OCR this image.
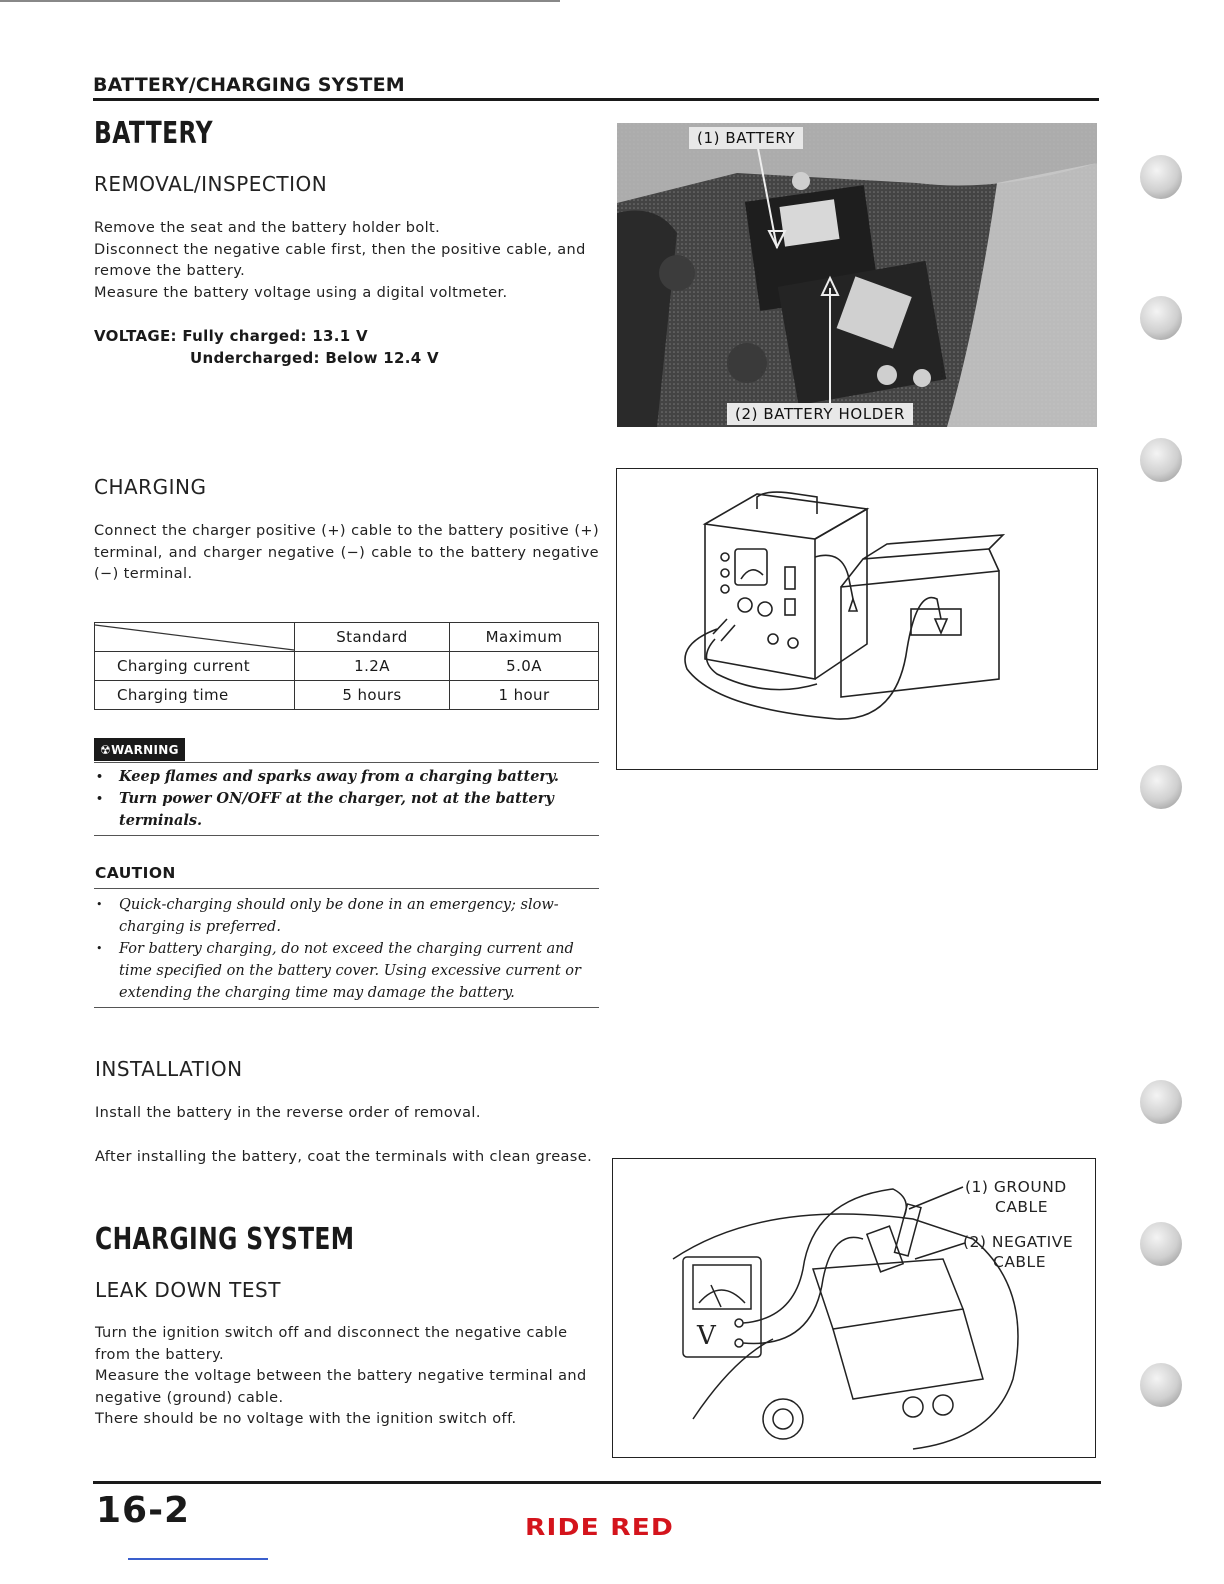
BATTERY/CHARGING SYSTEM
BATTERY
REMOVAL/INSPECTION

Remove the seat and the battery holder bolt.

Disconnect the negative cable first, then the positive cable, and remove the battery.

Measure the battery voltage using a digital voltmeter.

VOLTAGE: Fully charged: 13.1 V
Undercharged: Below 12.4 V
(1) BATTERY
(2) BATTERY HOLDER
CHARGING
Connect the charger positive (+) cable to the battery positive (+) terminal, and charger negative (−) cable to the battery negative (−) terminal.
	Standard	Maximum
Charging current	1.2A	5.0A
Charging time	5 hours	1 hour
☢WARNING
• Keep flames and sparks away from a charging battery.
• Turn power ON/OFF at the charger, not at the battery terminals.
CAUTION
• Quick-charging should only be done in an emergency; slow-charging is preferred.
• For battery charging, do not exceed the charging current and time specified on the battery cover. Using excessive current or extending the charging time may damage the battery.
INSTALLATION
Install the battery in the reverse order of removal.
After installing the battery, coat the terminals with clean grease.
CHARGING SYSTEM
LEAK DOWN TEST

Turn the ignition switch off and disconnect the negative cable from the battery.

Measure the voltage between the battery negative terminal and negative (ground) cable.

There should be no voltage with the ignition switch off.

V
(1) GROUND
CABLE
(2) NEGATIVE
CABLE
16-2	RIDE RED
